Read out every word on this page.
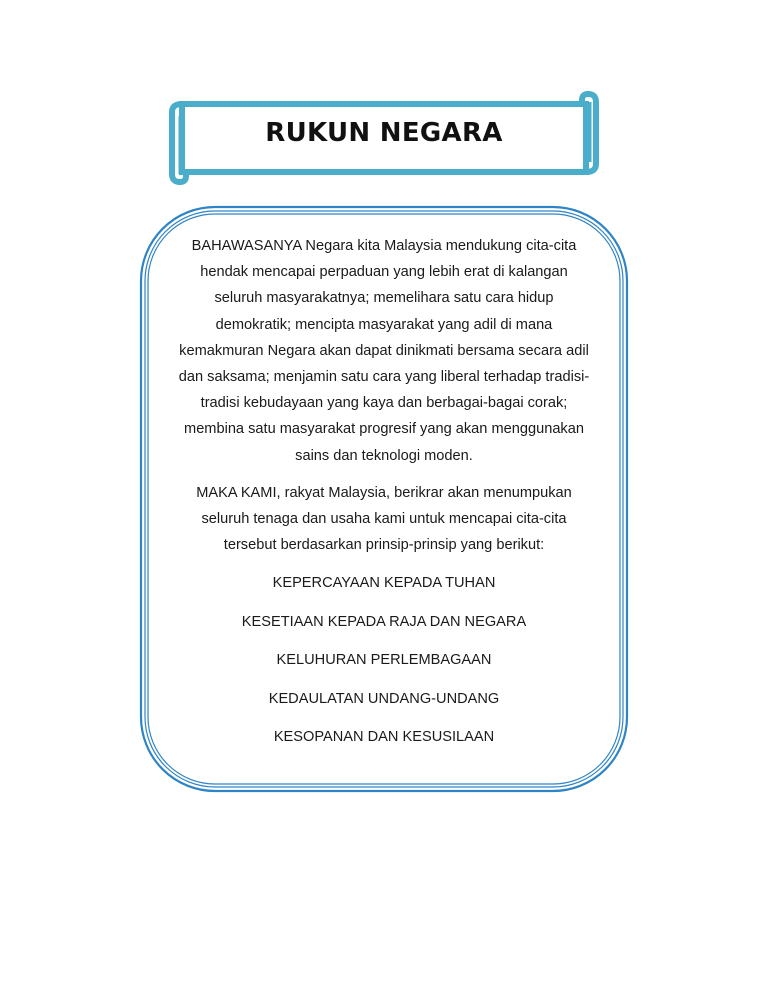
RUKUN NEGARA

BAHAWASANYA Negara kita Malaysia mendukung cita-cita hendak mencapai perpaduan yang lebih erat di kalangan seluruh masyarakatnya; memelihara satu cara hidup demokratik; mencipta masyarakat yang adil di mana kemakmuran Negara akan dapat dinikmati bersama secara adil dan saksama; menjamin satu cara yang liberal terhadap tradisi-tradisi kebudayaan yang kaya dan berbagai-bagai corak; membina satu masyarakat progresif yang akan menggunakan sains dan teknologi moden.

MAKA KAMI, rakyat Malaysia, berikrar akan menumpukan seluruh tenaga dan usaha kami untuk mencapai cita-cita tersebut berdasarkan prinsip-prinsip yang berikut:

KEPERCAYAAN KEPADA TUHAN
KESETIAAN KEPADA RAJA DAN NEGARA
KELUHURAN PERLEMBAGAAN
KEDAULATAN UNDANG-UNDANG
KESOPANAN DAN KESUSILAAN
